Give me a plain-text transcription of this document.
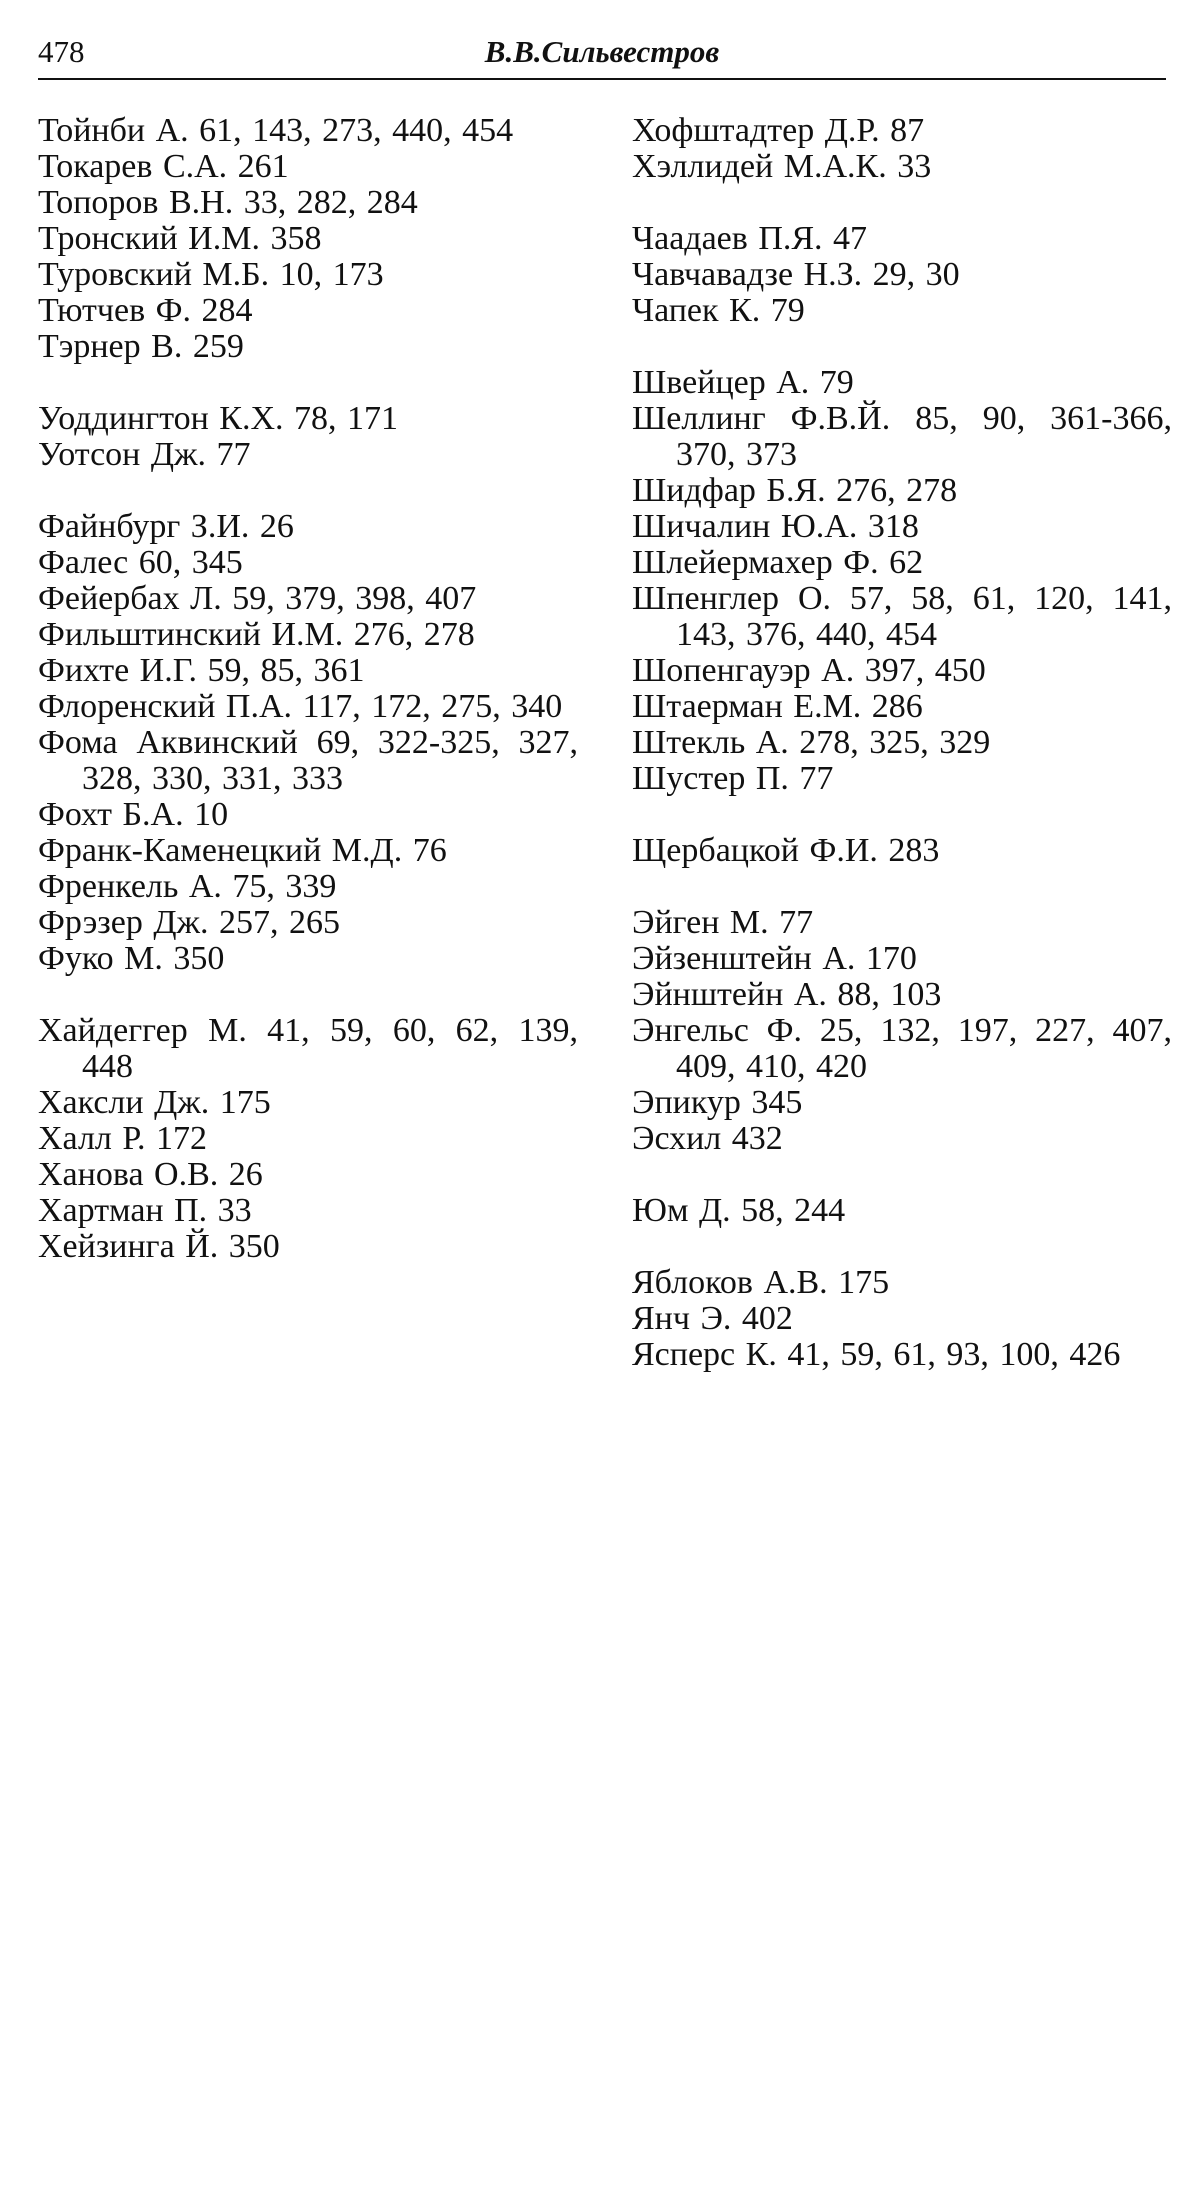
478	В.В.Сильвестров
Тойнби А. 61, 143, 273, 440, 454
Токарев С.А. 261
Топоров В.Н. 33, 282, 284
Тронский И.М. 358
Туровский М.Б. 10, 173
Тютчев Ф. 284
Тэрнер В. 259
Уоддингтон К.Х. 78, 171
Уотсон Дж. 77
Файнбург З.И. 26
Фалес 60, 345
Фейербах Л. 59, 379, 398, 407
Фильштинский И.М. 276, 278
Фихте И.Г. 59, 85, 361
Флоренский П.А. 117, 172, 275, 340
Фома Аквинский 69, 322-325, 327, 328, 330, 331, 333
Фохт Б.А. 10
Франк-Каменецкий М.Д. 76
Френкель А. 75, 339
Фрэзер Дж. 257, 265
Фуко М. 350
Хайдеггер М. 41, 59, 60, 62, 139, 448
Хаксли Дж. 175
Халл Р. 172
Ханова О.В. 26
Хартман П. 33
Хейзинга Й. 350
Хофштадтер Д.Р. 87
Хэллидей М.А.К. 33
Чаадаев П.Я. 47
Чавчавадзе Н.З. 29, 30
Чапек К. 79
Швейцер А. 79
Шеллинг Ф.В.Й. 85, 90, 361-366, 370, 373
Шидфар Б.Я. 276, 278
Шичалин Ю.А. 318
Шлейермахер Ф. 62
Шпенглер О. 57, 58, 61, 120, 141, 143, 376, 440, 454
Шопенгауэр А. 397, 450
Штаерман Е.М. 286
Штекль А. 278, 325, 329
Шустер П. 77
Щербацкой Ф.И. 283
Эйген М. 77
Эйзенштейн А. 170
Эйнштейн А. 88, 103
Энгельс Ф. 25, 132, 197, 227, 407, 409, 410, 420
Эпикур 345
Эсхил 432
Юм Д. 58, 244
Яблоков А.В. 175
Янч Э. 402
Ясперс К. 41, 59, 61, 93, 100, 426
